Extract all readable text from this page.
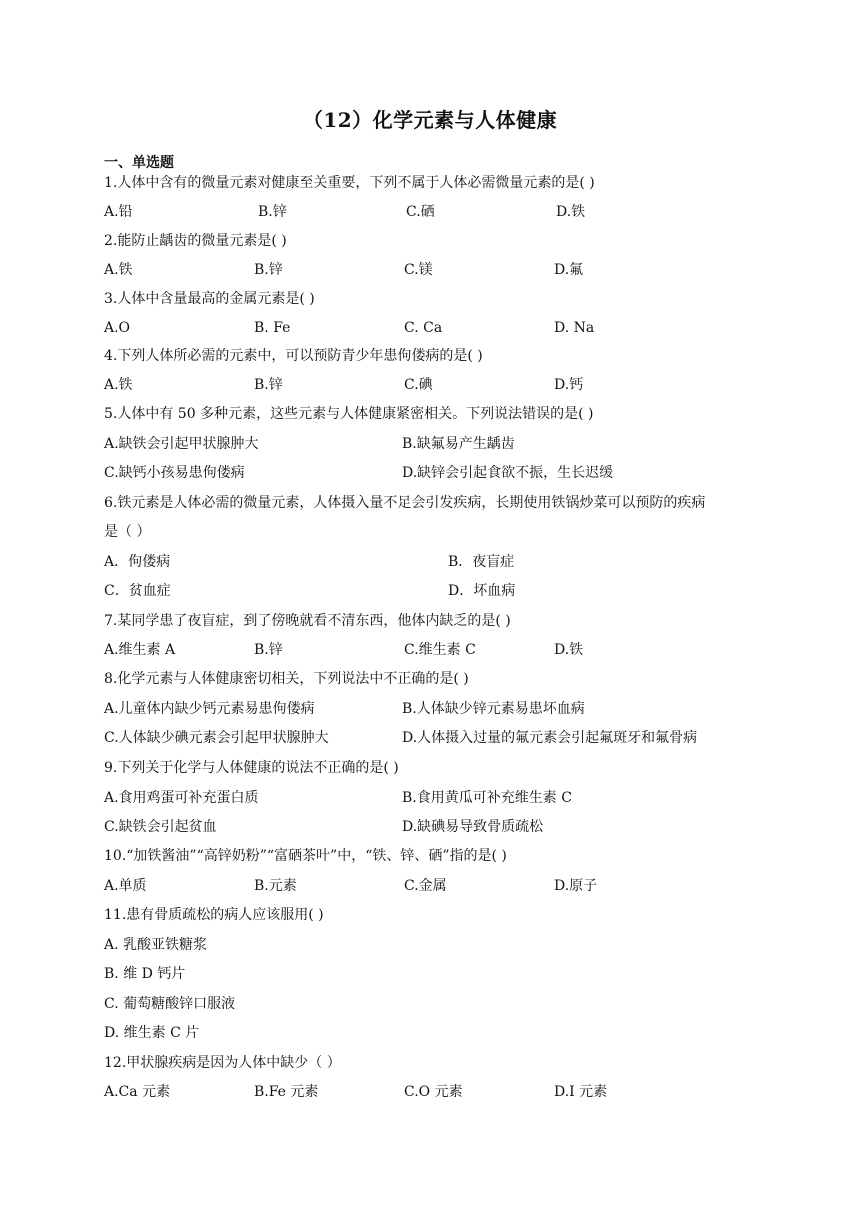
（12）化学元素与人体健康
一、单选题
1.人体中含有的微量元素对健康至关重要，下列不属于人体必需微量元素的是( )
A.铅	B.锌	C.硒	D.铁
2.能防止龋齿的微量元素是( )
A.铁	B.锌	C.镁	D.氟
3.人体中含量最高的金属元素是( )
A.O	B. Fe	C. Ca	D. Na
4.下列人体所必需的元素中，可以预防青少年患佝偻病的是( )
A.铁	B.锌	C.碘	D.钙
5.人体中有 50 多种元素，这些元素与人体健康紧密相关。下列说法错误的是( )
A.缺铁会引起甲状腺肿大	B.缺氟易产生龋齿
C.缺钙小孩易患佝偻病	D.缺锌会引起食欲不振，生长迟缓
6.铁元素是人体必需的微量元素，人体摄入量不足会引发疾病，长期使用铁锅炒菜可以预防的疾病
是（ ）
A．佝偻病	B．夜盲症
C．贫血症	D．坏血病
7.某同学患了夜盲症，到了傍晚就看不清东西，他体内缺乏的是( )
A.维生素 A	B.锌	C.维生素 C	D.铁
8.化学元素与人体健康密切相关，下列说法中不正确的是( )
A.儿童体内缺少钙元素易患佝偻病	B.人体缺少锌元素易患坏血病
C.人体缺少碘元素会引起甲状腺肿大	D.人体摄入过量的氟元素会引起氟斑牙和氟骨病
9.下列关于化学与人体健康的说法不正确的是( )
A.食用鸡蛋可补充蛋白质	B.食用黄瓜可补充维生素 C
C.缺铁会引起贫血	D.缺碘易导致骨质疏松
10.“加铁酱油”“高锌奶粉”“富硒茶叶”中，“铁、锌、硒”指的是( )
A.单质	B.元素	C.金属	D.原子
11.患有骨质疏松的病人应该服用( )
A. 乳酸亚铁糖浆
B. 维 D 钙片
C. 葡萄糖酸锌口服液
D. 维生素 C 片
12.甲状腺疾病是因为人体中缺少（ ）
A.Ca 元素	B.Fe 元素	C.O 元素	D.I 元素
